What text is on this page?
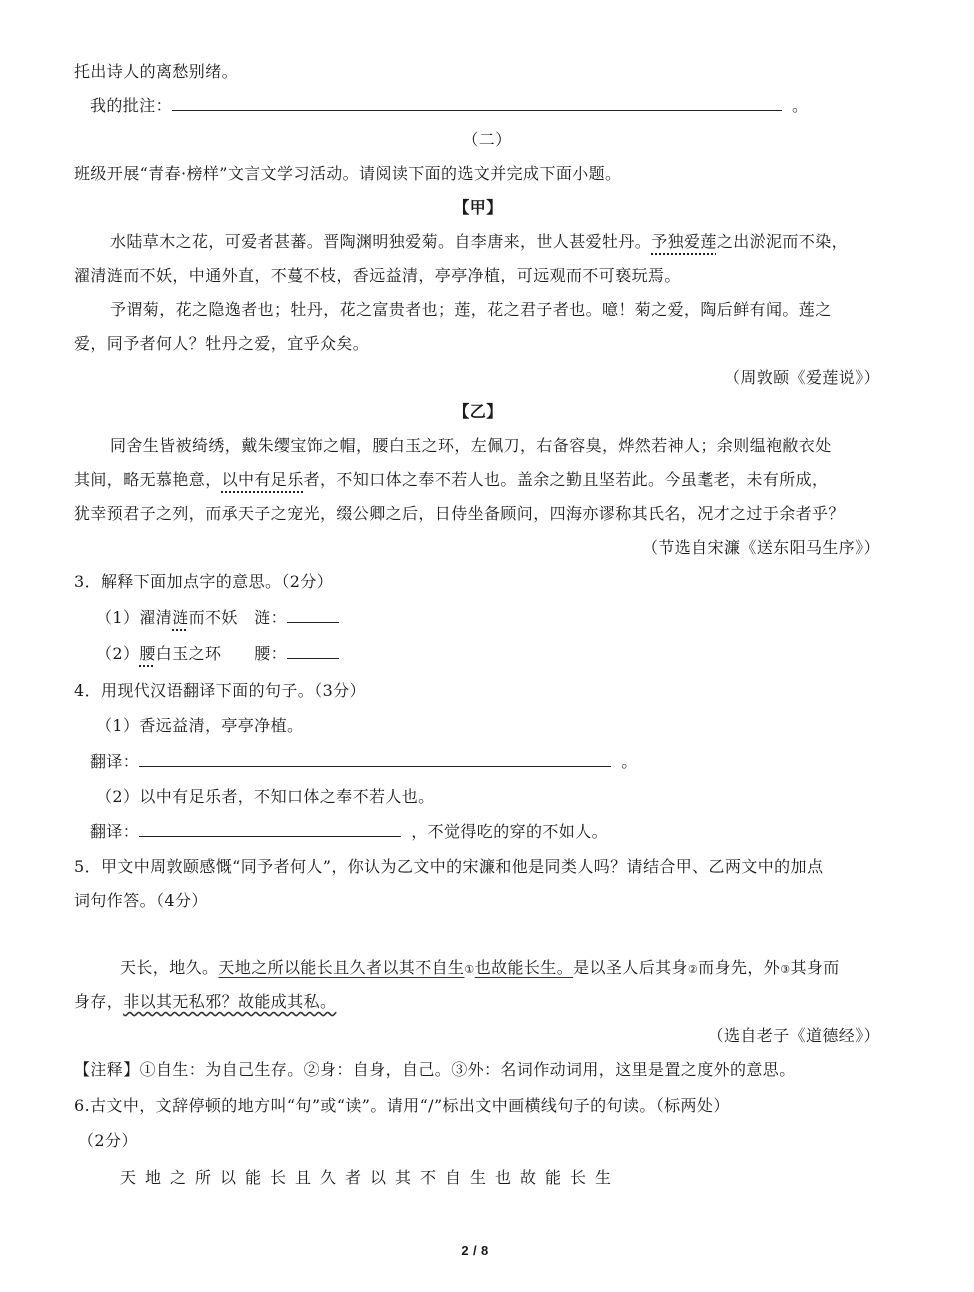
托出诗人的离愁别绪。
我的批注：	。
（二）
班级开展“青春·榜样”文言文学习活动。请阅读下面的选文并完成下面小题。
【甲】
水陆草木之花，可爱者甚蕃。晋陶渊明独爱菊。自李唐来，世人甚爱牡丹。予独爱莲之出淤泥而不染，
濯清涟而不妖，中通外直，不蔓不枝，香远益清，亭亭净植，可远观而不可亵玩焉。
予谓菊，花之隐逸者也；牡丹，花之富贵者也；莲，花之君子者也。噫！菊之爱，陶后鲜有闻。莲之
爱，同予者何人？牡丹之爱，宜乎众矣。
（周敦颐《爱莲说》）
【乙】
同舍生皆被绮绣，戴朱缨宝饰之帽，腰白玉之环，左佩刀，右备容臭，烨然若神人；余则缊袍敝衣处
其间，略无慕艳意，以中有足乐者，不知口体之奉不若人也。盖余之勤且坚若此。今虽耄老，未有所成，
犹幸预君子之列，而承天子之宠光，缀公卿之后，日侍坐备顾问，四海亦谬称其氏名，况才之过于余者乎？
（节选自宋濂《送东阳马生序》）
3．解释下面加点字的意思。（2分）
（1）濯清涟而不妖　涟：
（2）腰白玉之环　　腰：
4．用现代汉语翻译下面的句子。（3分）
（1）香远益清，亭亭净植。
翻译：	。
（2）以中有足乐者，不知口体之奉不若人也。
翻译：	，不觉得吃的穿的不如人。
5．甲文中周敦颐感慨“同予者何人”，你认为乙文中的宋濂和他是同类人吗？请结合甲、乙两文中的加点
词句作答。（4分）
天长，地久。天地之所以能长且久者以其不自生①也故能长生。是以圣人后其身②而身先，外③其身而
身存，非以其无私邪？故能成其私。
（选自老子《道德经》）
【注释】①自生：为自己生存。②身：自身，自己。③外：名词作动词用，这里是置之度外的意思。
6.古文中，文辞停顿的地方叫“句”或“读”。请用“/”标出文中画横线句子的句读。（标两处）
（2分）
天地之所以能长且久者以其不自生也故能长生
2 / 8
